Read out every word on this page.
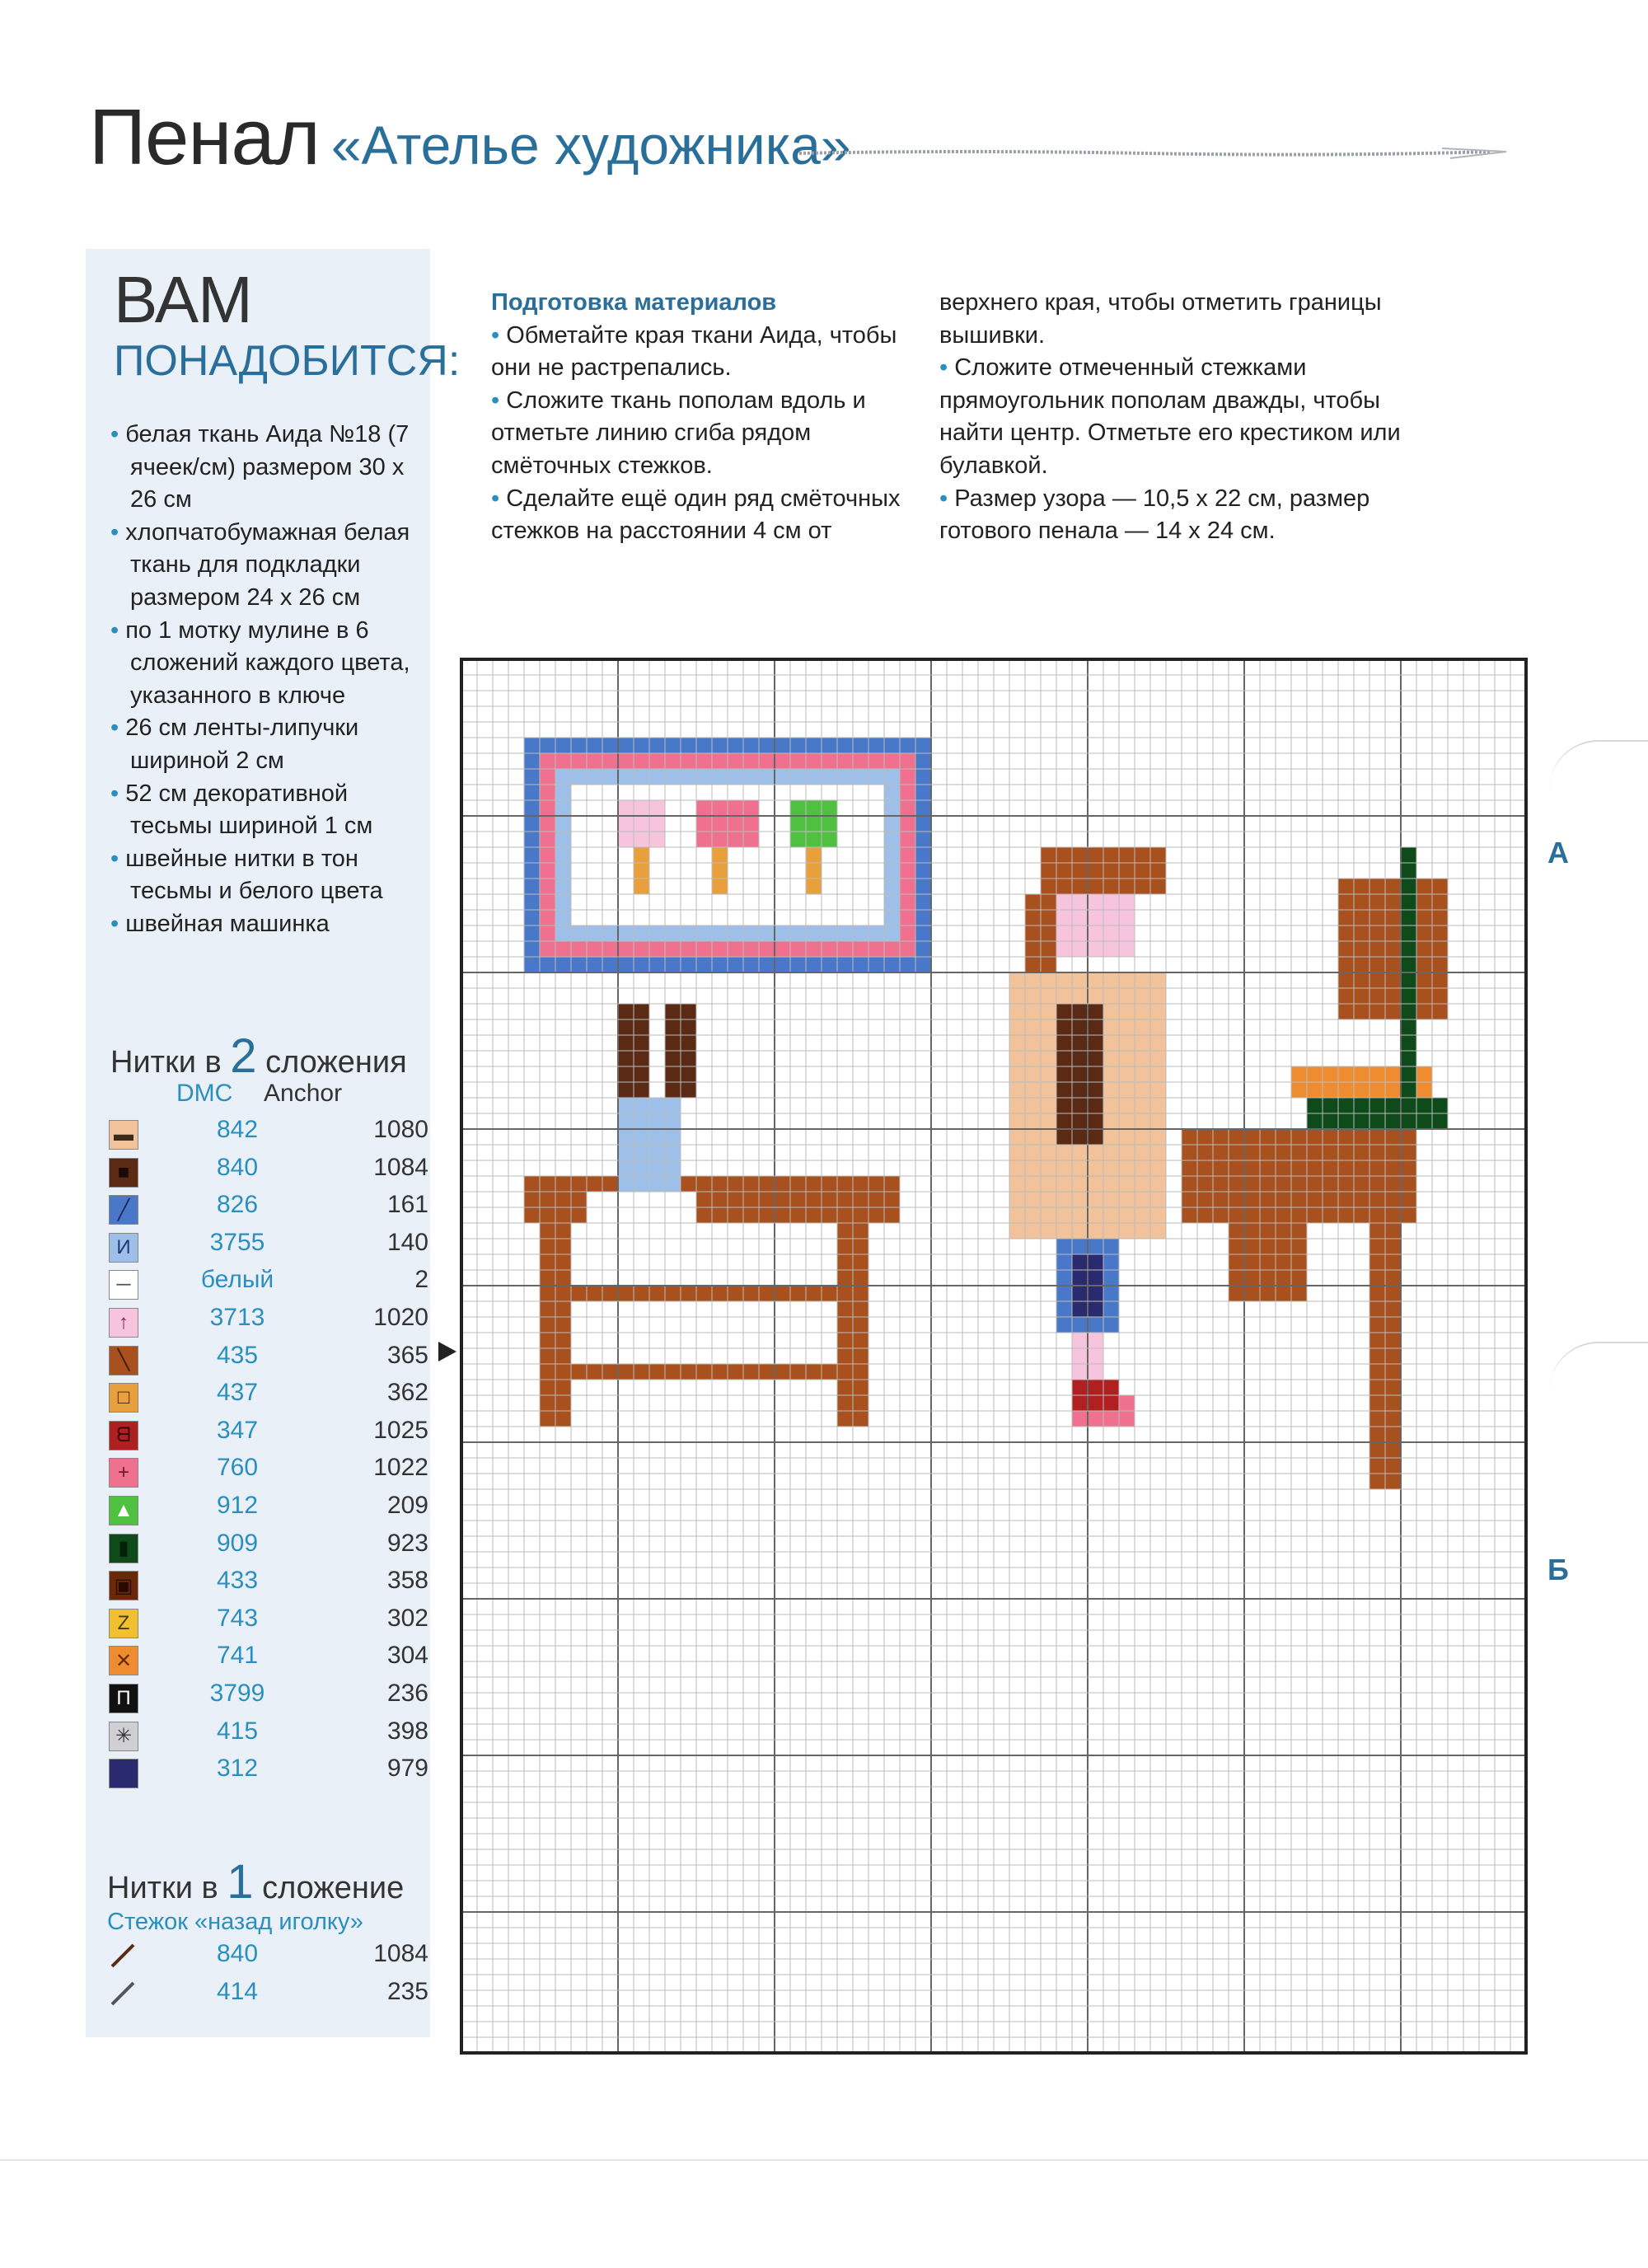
Пенал «Ателье художника»
ВАМ
ПОНАДОБИТСЯ:
• белая ткань Аида №18 (7 ячеек/см) размером 30 х 26 см
• хлопчатобумажная белая ткань для подкладки размером 24 х 26 см
• по 1 мотку мулине в 6 сложений каждого цвета, указанного в ключе
• 26 см ленты-липучки шириной 2 см
• 52 см декоративной тесьмы шириной 1 см
• швейные нитки в тон тесьмы и белого цвета
• швейная машинка
Нитки в 2 сложения
DMC Anchor
▬	842	1080
■	840	1084
╱	826	161
И	3755	140
─	белый	2
↑	3713	1020
╲	435	365
□	437	362
ᗺ	347	1025
+	760	1022
▲	912	209
▮	909	923
▣	433	358
Z	743	302
✕	741	304
П	3799	236
✳	415	398
312	979
Нитки в 1 сложение
Стежок «назад иголку»
840	1084
414	235
Подготовка материалов
• Обметайте края ткани Аида, чтобы они не растрепались.
• Сложите ткань пополам вдоль и отметьте линию сгиба рядом смёточных стежков.
• Сделайте ещё один ряд смёточных стежков на расстоянии 4 см от
верхнего края, чтобы отметить границы вышивки.
• Сложите отмеченный стежками прямоугольник пополам дважды, чтобы найти центр. Отметьте его крестиком или булавкой.
• Размер узора — 10,5 х 22 см, размер готового пенала — 14 х 24 см.
А
Б
